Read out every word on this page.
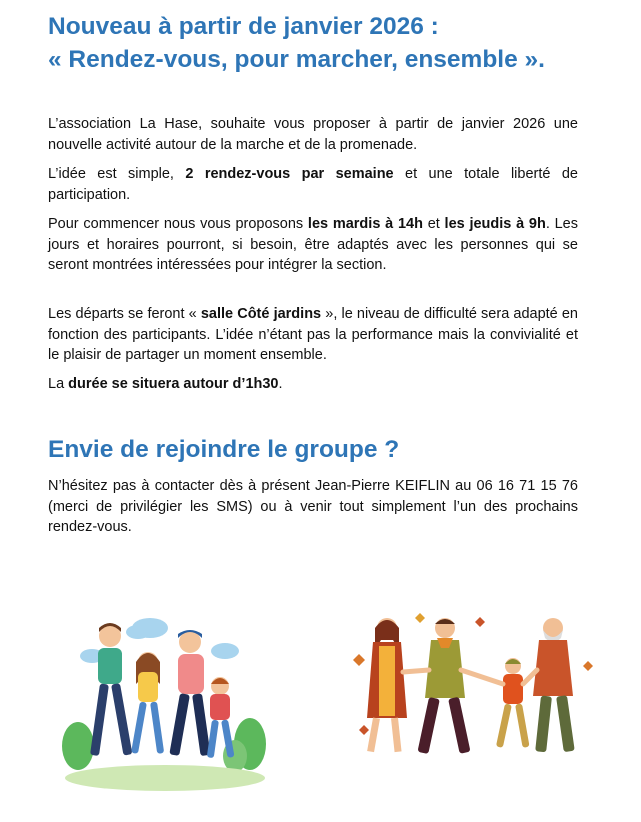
Nouveau à partir de janvier 2026 :
« Rendez-vous, pour marcher, ensemble ».

L’association La Hase, souhaite vous proposer à partir de janvier 2026 une nouvelle activité autour de la marche et de la promenade.

L’idée est simple, 2 rendez-vous par semaine et une totale liberté de participation.

Pour commencer nous vous proposons les mardis à 14h et les jeudis à 9h. Les jours et horaires pourront, si besoin, être adaptés avec les personnes qui se seront montrées intéressées pour intégrer la section.

Les départs se feront « salle Côté jardins », le niveau de difficulté sera adapté en fonction des participants. L’idée n’étant pas la performance mais la convivialité et le plaisir de partager un moment ensemble.

La durée se situera autour d’1h30.

Envie de rejoindre le groupe ?

N’hésitez pas à contacter dès à présent Jean-Pierre KEIFLIN au 06 16 71 15 76 (merci de privilégier les SMS) ou à venir tout simplement l’un des prochains rendez-vous.
